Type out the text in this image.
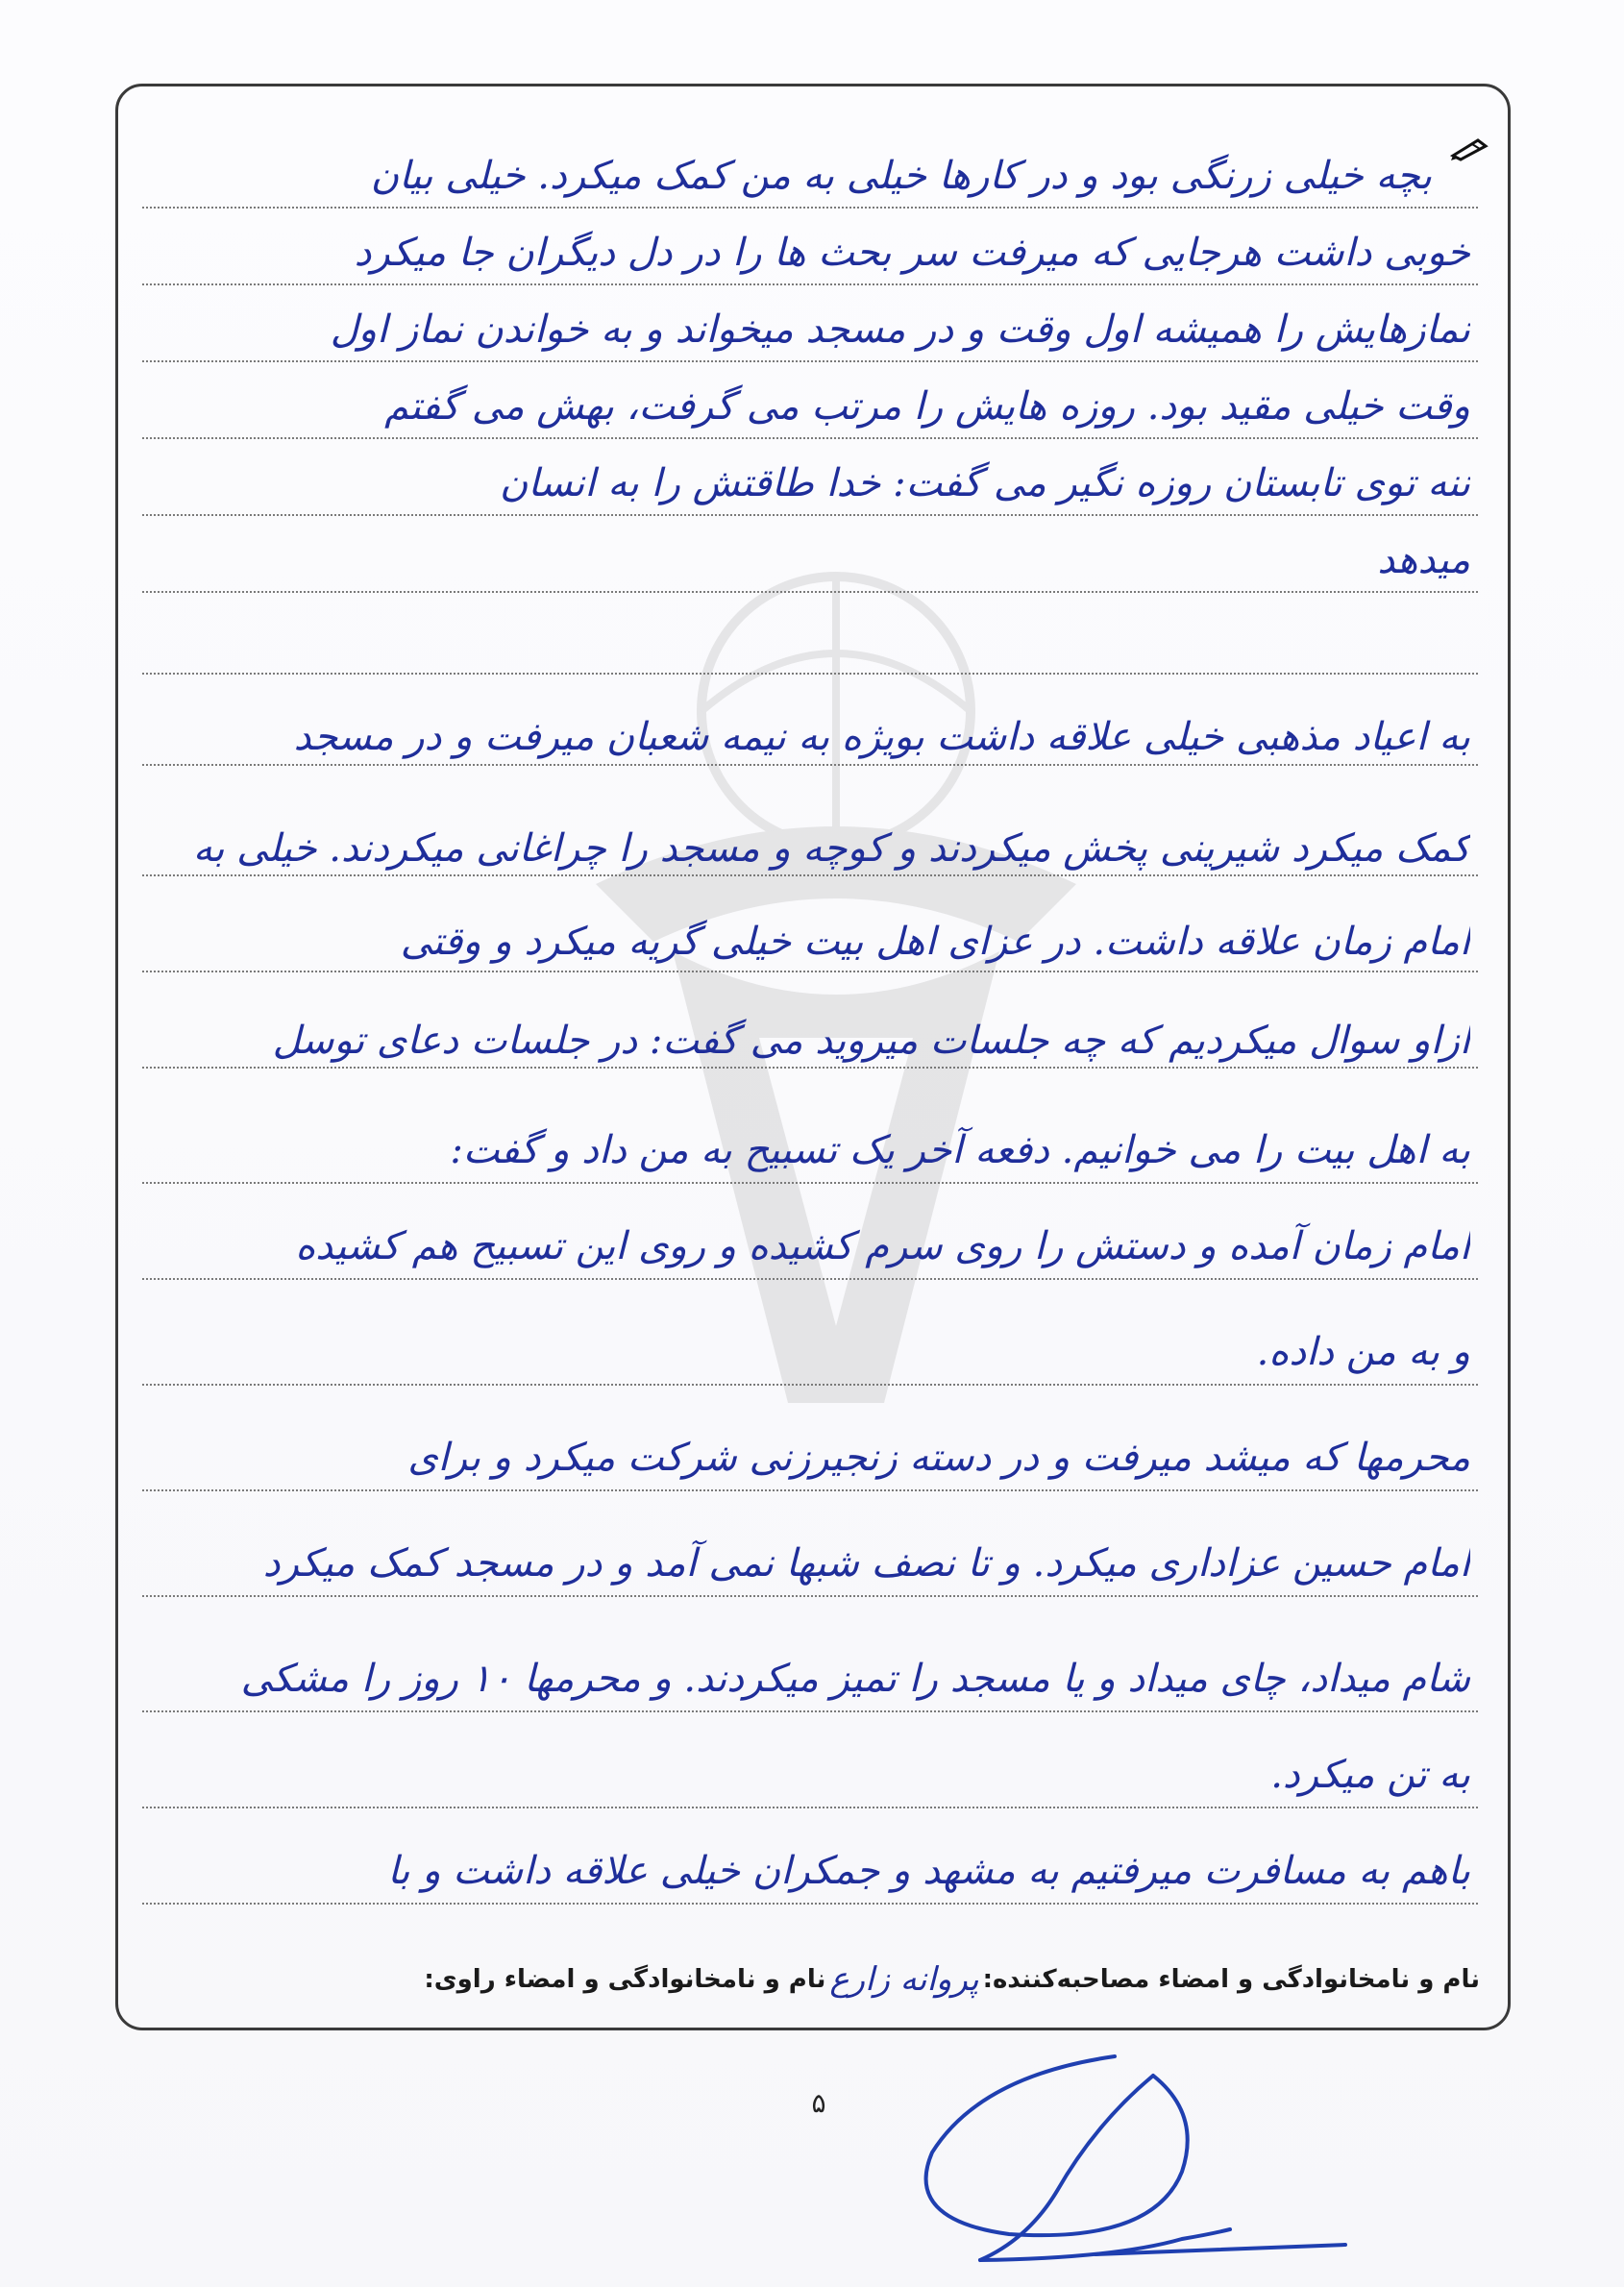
بچه خیلی زرنگی بود و در کارها خیلی به من کمک میکرد. خیلی بیان
خوبی داشت هرجایی که میرفت سر بحث ها را در دل دیگران جا میکرد
نمازهایش را همیشه اول وقت و در مسجد میخواند و به خواندن نماز اول
وقت خیلی مقید بود. روزه هایش را مرتب می گرفت، بهش می گفتم
ننه توی تابستان روزه نگیر می گفت: خدا طاقتش را به انسان
میدهد
به اعیاد مذهبی خیلی علاقه داشت بویژه به نیمه شعبان میرفت و در مسجد
کمک میکرد شیرینی پخش میکردند و کوچه و مسجد را چراغانی میکردند. خیلی به
امام زمان علاقه داشت. در عزای اهل بیت خیلی گریه میکرد و وقتی
ازاو سوال میکردیم که چه جلسات میروید می گفت: در جلسات دعای توسل
به اهل بیت را می خوانیم. دفعه آخر یک تسبیح به من داد و گفت:
امام زمان آمده و دستش را روی سرم کشیده و روی این تسبیح هم کشیده
و به من داده.
محرمها که میشد میرفت و در دسته زنجیرزنی شرکت میکرد و برای
امام حسین عزاداری میکرد. و تا نصف شبها نمی آمد و در مسجد کمک میکرد
شام میداد، چای میداد و یا مسجد را تمیز میکردند. و محرمها ۱۰ روز را مشکی
به تن میکرد.
باهم به مسافرت میرفتیم به مشهد و جمکران خیلی علاقه داشت و با
نام و نامخانوادگی و امضاء مصاحبه‌کننده:
پروانه زارع
نام و نامخانوادگی و امضاء راوی:
۵
